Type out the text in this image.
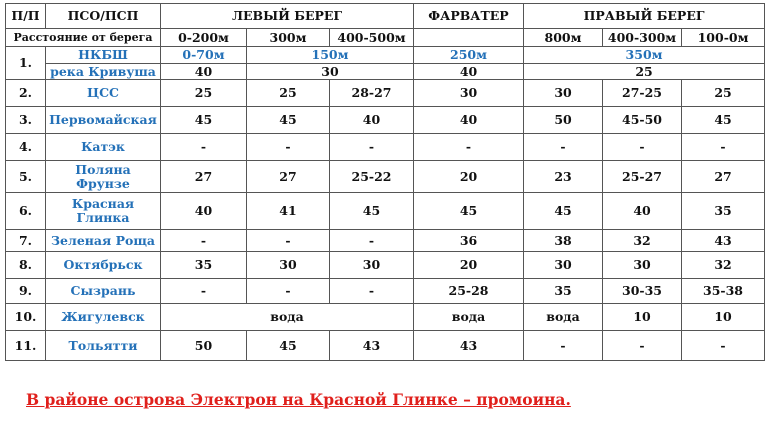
П/П	ПСО/ПСП	ЛЕВЫЙ БЕРЕГ			ФАРВАТЕР	ПРАВЫЙ БЕРЕГ		
Расстояние от берега		0-200м	300м	400-500м		800м	400-300м	100-0м
1.	НКБШ	0-70м	150м		250м	350м		
	река Кривуша	40	30		40	25		
2.	ЦСС	25	25	28-27	30	30	27-25	25
3.	Первомайская	45	45	40	40	50	45-50	45
4.	Катэк	-	-	-	-	-	-	-
5.	Поляна
Фрунзе	27	27	25-22	20	23	25-27	27
6.	Красная
Глинка	40	41	45	45	45	40	35
7.	Зеленая Роща	-	-	-	36	38	32	43
8.	Октябрьск	35	30	30	20	30	30	32
9.	Сызрань	-	-	-	25-28	35	30-35	35-38
10.	Жигулевск	вода			вода	вода	10	10
11.	Тольятти	50	45	43	43	-	-	-

В районе острова Электрон на Красной Глинке – промоина.
